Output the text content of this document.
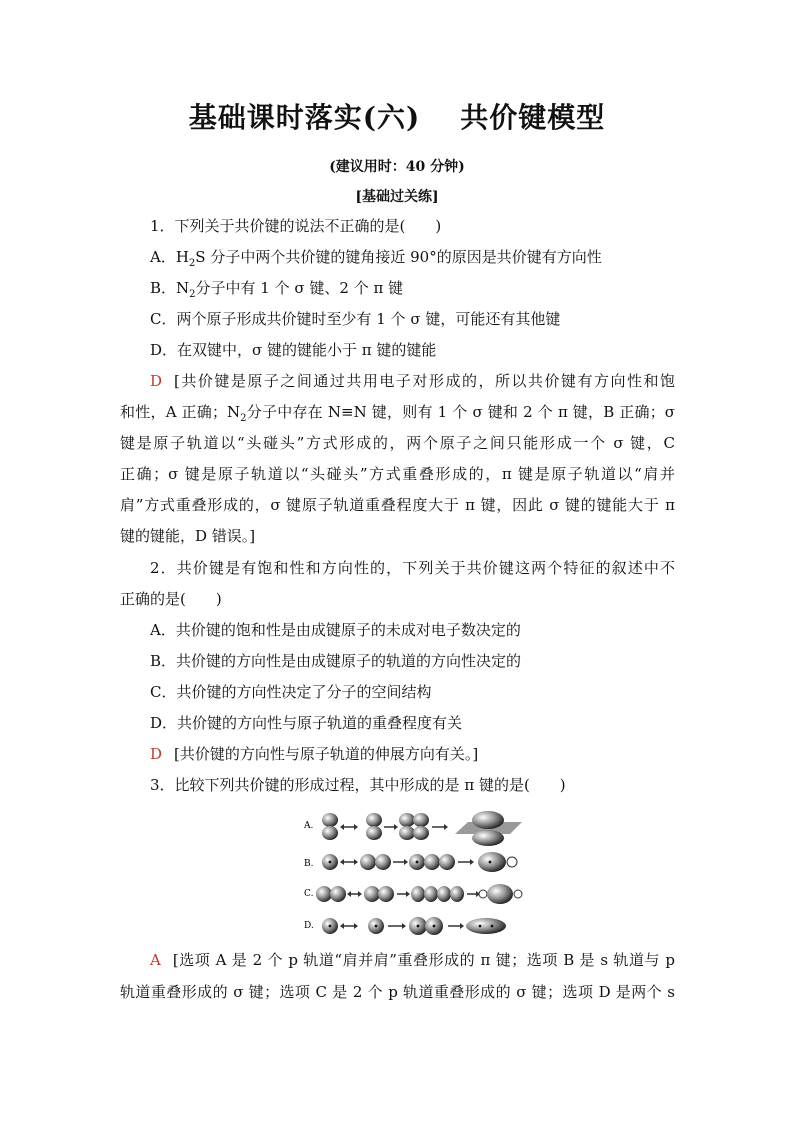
基础课时落实(六) 共价键模型
(建议用时：40 分钟)
[基础过关练]
1．下列关于共价键的说法不正确的是(　　)
A．$H_2S$ 分子中两个共价键的键角接近 90°的原因是共价键有方向性
B．$N_2$分子中有 1 个 σ 键、2 个 π 键
C．两个原子形成共价键时至少有 1 个 σ 键，可能还有其他键
D．在双键中，σ 键的键能小于 π 键的键能
D [共价键是原子之间通过共用电子对形成的，所以共价键有方向性和饱
和性，A 正确；$N_2$分子中存在 N≡N 键，则有 1 个 σ 键和 2 个 π 键，B 正确；σ
键是原子轨道以“头碰头”方式形成的，两个原子之间只能形成一个 σ 键，C
正确；σ 键是原子轨道以“头碰头”方式重叠形成的，π 键是原子轨道以“肩并
肩”方式重叠形成的，σ 键原子轨道重叠程度大于 π 键，因此 σ 键的键能大于 π
键的键能，D 错误。]
2．共价键是有饱和性和方向性的，下列关于共价键这两个特征的叙述中不
正确的是(　　)
A．共价键的饱和性是由成键原子的未成对电子数决定的
B．共价键的方向性是由成键原子的轨道的方向性决定的
C．共价键的方向性决定了分子的空间结构
D．共价键的方向性与原子轨道的重叠程度有关
D [共价键的方向性与原子轨道的伸展方向有关。]
3．比较下列共价键的形成过程，其中形成的是 π 键的是(　　)
A.
B.
C.
D.
A [选项 A 是 2 个 p 轨道“肩并肩”重叠形成的 π 键；选项 B 是 s 轨道与 p
轨道重叠形成的 σ 键；选项 C 是 2 个 p 轨道重叠形成的 σ 键；选项 D 是两个 s
